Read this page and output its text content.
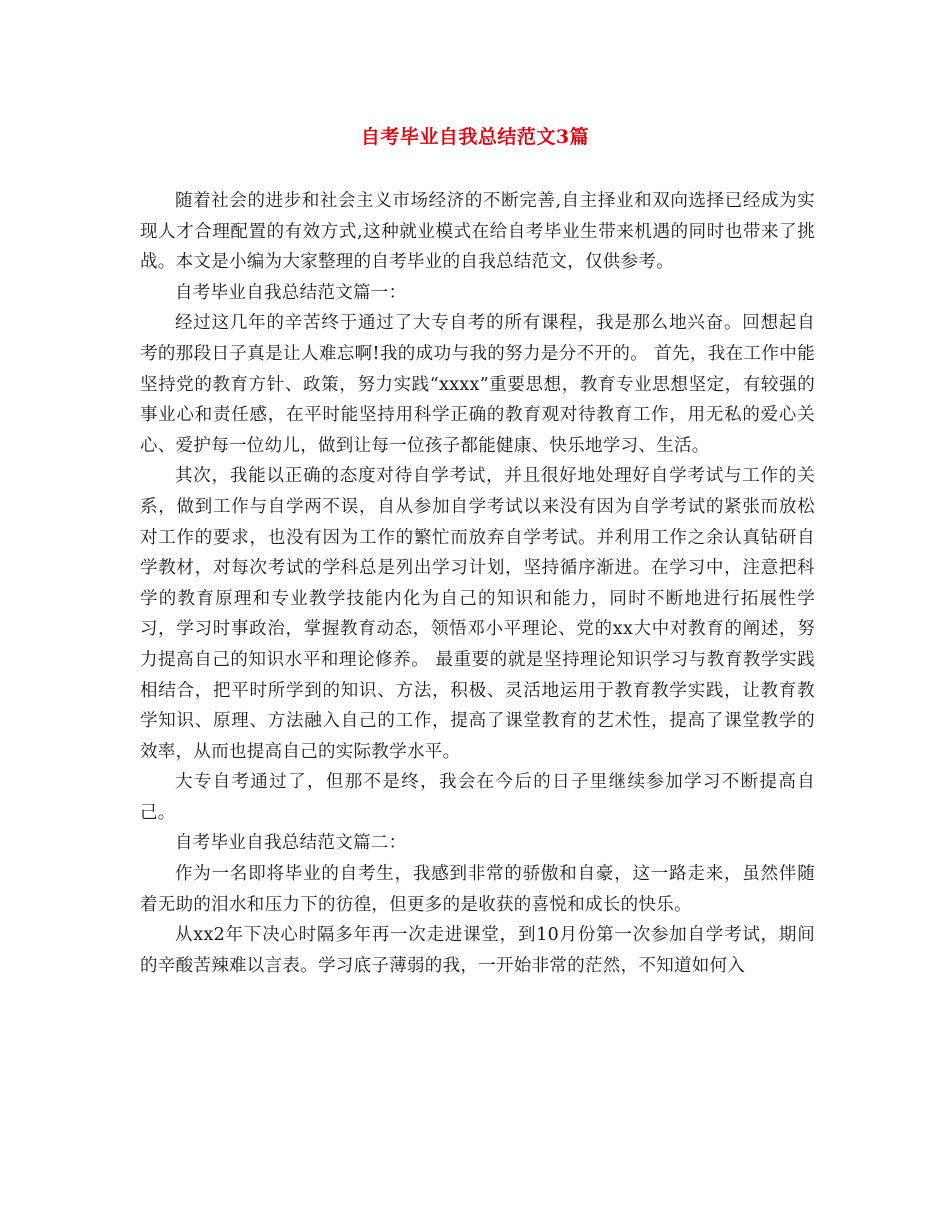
自考毕业自我总结范文3篇

随着社会的进步和社会主义市场经济的不断完善,自主择业和双向选择已经成为实现人才合理配置的有效方式,这种就业模式在给自考毕业生带来机遇的同时也带来了挑战。本文是小编为大家整理的自考毕业的自我总结范文，仅供参考。

自考毕业自我总结范文篇一：

经过这几年的辛苦终于通过了大专自考的所有课程，我是那么地兴奋。回想起自考的那段日子真是让人难忘啊!我的成功与我的努力是分不开的。 首先，我在工作中能坚持党的教育方针、政策，努力实践“xxxx”重要思想，教育专业思想坚定，有较强的事业心和责任感，在平时能坚持用科学正确的教育观对待教育工作，用无私的爱心关心、爱护每一位幼儿，做到让每一位孩子都能健康、快乐地学习、生活。

其次，我能以正确的态度对待自学考试，并且很好地处理好自学考试与工作的关系，做到工作与自学两不误，自从参加自学考试以来没有因为自学考试的紧张而放松对工作的要求，也没有因为工作的繁忙而放弃自学考试。并利用工作之余认真钻研自学教材，对每次考试的学科总是列出学习计划，坚持循序渐进。在学习中，注意把科学的教育原理和专业教学技能内化为自己的知识和能力，同时不断地进行拓展性学习，学习时事政治，掌握教育动态，领悟邓小平理论、党的xx大中对教育的阐述，努力提高自己的知识水平和理论修养。 最重要的就是坚持理论知识学习与教育教学实践相结合，把平时所学到的知识、方法，积极、灵活地运用于教育教学实践，让教育教学知识、原理、方法融入自己的工作，提高了课堂教育的艺术性，提高了课堂教学的效率，从而也提高自己的实际教学水平。

大专自考通过了，但那不是终，我会在今后的日子里继续参加学习不断提高自己。

自考毕业自我总结范文篇二：

作为一名即将毕业的自考生，我感到非常的骄傲和自豪，这一路走来，虽然伴随着无助的泪水和压力下的彷徨，但更多的是收获的喜悦和成长的快乐。

从xx2年下决心时隔多年再一次走进课堂，到10月份第一次参加自学考试，期间的辛酸苦辣难以言表。学习底子薄弱的我，一开始非常的茫然，不知道如何入
